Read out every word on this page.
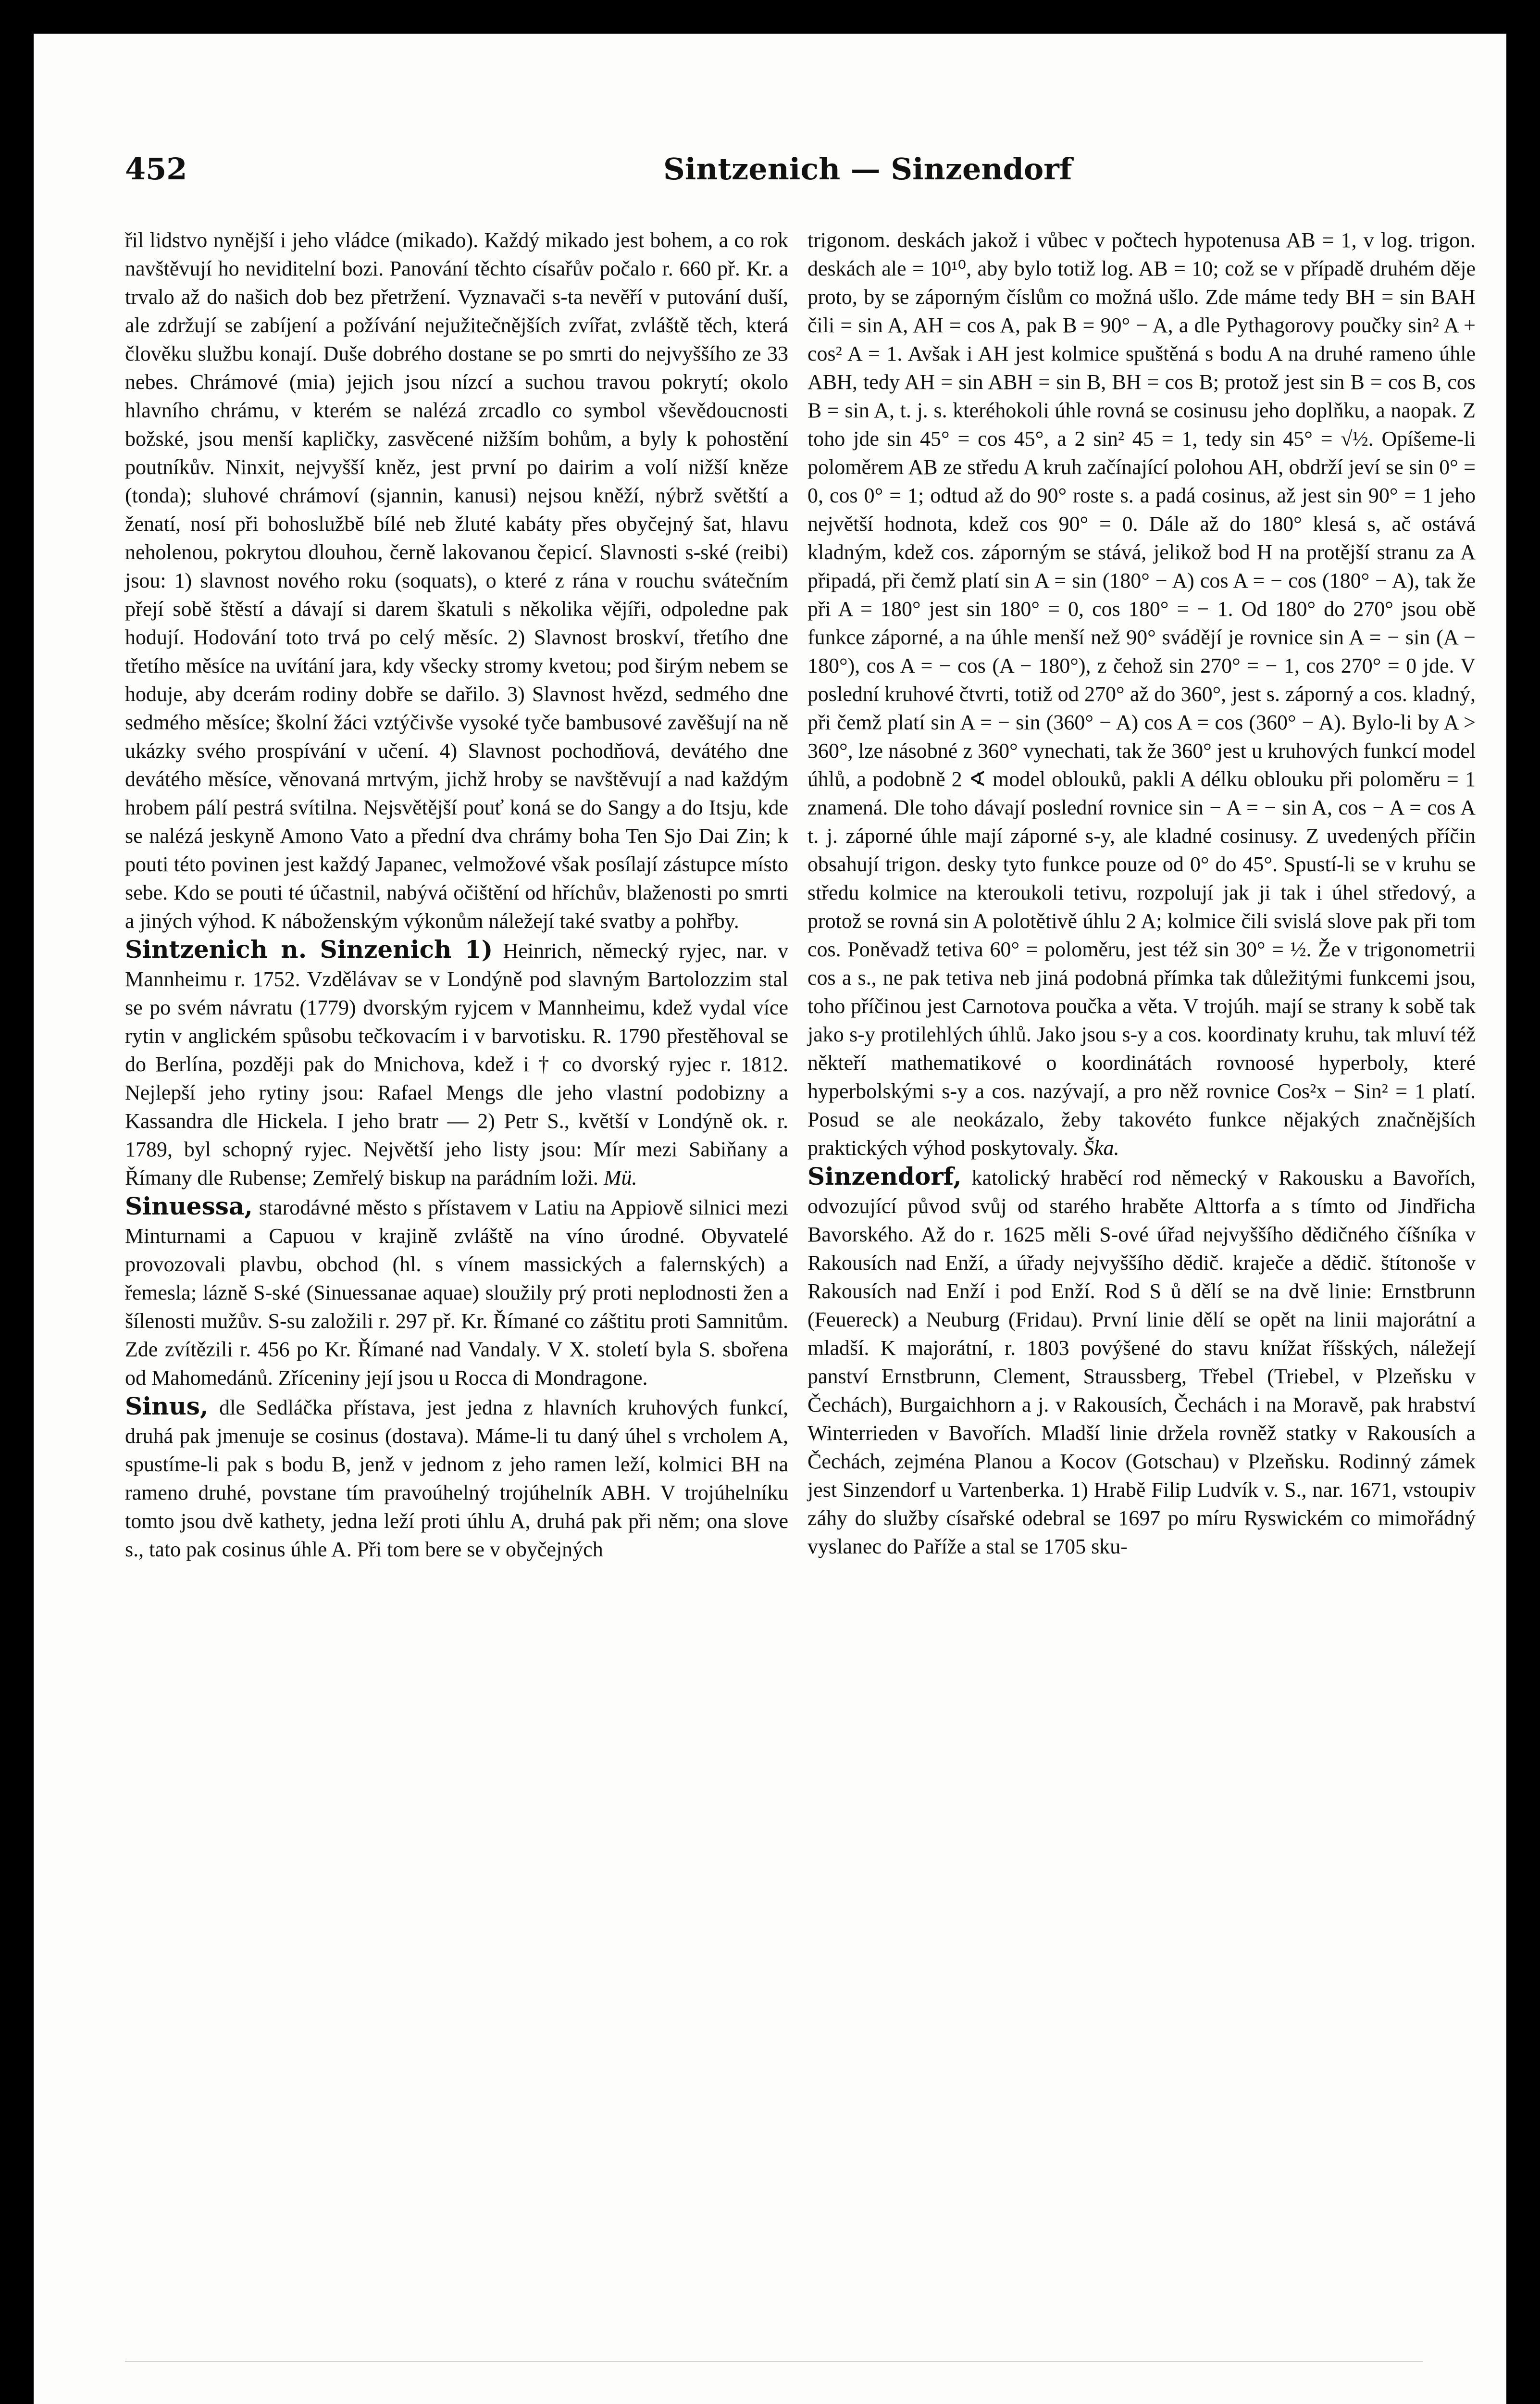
452	Sintzenich — Sinzendorf

řil lidstvo nynější i jeho vládce (mikado). Každý mikado jest bohem, a co rok navštěvují ho neviditelní bozi. Panování těchto císařův počalo r. 660 př. Kr. a trvalo až do našich dob bez přetržení. Vyznavači s-ta nevěří v putování duší, ale zdržují se zabíjení a požívání nejužitečnějších zvířat, zvláště těch, která člověku službu konají. Duše dobrého dostane se po smrti do nejvyššího ze 33 nebes. Chrámové (mia) jejich jsou nízcí a suchou travou pokrytí; okolo hlavního chrámu, v kterém se nalézá zrcadlo co symbol vševědoucnosti božské, jsou menší kapličky, zasvěcené nižším bohům, a byly k pohostění poutníkův. Ninxit, nejvyšší kněz, jest první po dairim a volí nižší kněze (tonda); sluhové chrámoví (sjannin, kanusi) nejsou kněží, nýbrž světští a ženatí, nosí při bohoslužbě bílé neb žluté kabáty přes obyčejný šat, hlavu neholenou, pokrytou dlouhou, černě lakovanou čepicí. Slavnosti s-ské (reibi) jsou: 1) slavnost nového roku (soquats), o které z rána v rouchu svátečním přejí sobě štěstí a dávají si darem škatuli s několika vějíři, odpoledne pak hodují. Hodování toto trvá po celý měsíc. 2) Slavnost broskví, třetího dne třetího měsíce na uvítání jara, kdy všecky stromy kvetou; pod širým nebem se hoduje, aby dcerám rodiny dobře se dařilo. 3) Slavnost hvězd, sedmého dne sedmého měsíce; školní žáci vztýčivše vysoké tyče bambusové zavěšují na ně ukázky svého prospívání v učení. 4) Slavnost pochodňová, devátého dne devátého měsíce, věnovaná mrtvým, jichž hroby se navštěvují a nad každým hrobem pálí pestrá svítilna. Nejsvětější pouť koná se do Sangy a do Itsju, kde se nalézá jeskyně Amono Vato a přední dva chrámy boha Ten Sjo Dai Zin; k pouti této povinen jest každý Japanec, velmožové však posílají zástupce místo sebe. Kdo se pouti té účastnil, nabývá očištění od hříchův, blaženosti po smrti a jiných výhod. K náboženským výkonům náležejí také svatby a pohřby.

Sintzenich n. Sinzenich 1) Heinrich, německý ryjec, nar. v Mannheimu r. 1752. Vzdělávav se v Londýně pod slavným Bartolozzim stal se po svém návratu (1779) dvorským ryjcem v Mannheimu, kdež vydal více rytin v anglickém spůsobu tečkovacím i v barvotisku. R. 1790 přestěhoval se do Berlína, později pak do Mnichova, kdež i † co dvorský ryjec r. 1812. Nejlepší jeho rytiny jsou: Rafael Mengs dle jeho vlastní podobizny a Kassandra dle Hickela. I jeho bratr — 2) Petr S., květší v Londýně ok. r. 1789, byl schopný ryjec. Největší jeho listy jsou: Mír mezi Sabiňany a Římany dle Rubense; Zemřelý biskup na parádním loži. Mü.

Sinuessa, starodávné město s přístavem v Latiu na Appiově silnici mezi Minturnami a Capuou v krajině zvláště na víno úrodné. Obyvatelé provozovali plavbu, obchod (hl. s vínem massických a falernských) a řemesla; lázně S-ské (Sinuessanae aquae) sloužily prý proti neplodnosti žen a šílenosti mužův. S-su založili r. 297 př. Kr. Římané co záštitu proti Samnitům. Zde zvítězili r. 456 po Kr. Římané nad Vandaly. V X. století byla S. sbořena od Mahomedánů. Zříceniny její jsou u Rocca di Mondragone.

Sinus, dle Sedláčka přístava, jest jedna z hlavních kruhových funkcí, druhá pak jmenuje se cosinus (dostava). Máme-li tu daný úhel s vrcholem A, spustíme-li pak s bodu B, jenž v jednom z jeho ramen leží, kolmici BH na rameno druhé, povstane tím pravoúhelný trojúhelník ABH. V trojúhelníku tomto jsou dvě kathety, jedna leží proti úhlu A, druhá pak při něm; ona slove s., tato pak cosinus úhle A. Při tom bere se v obyčejných

trigonom. deskách jakož i vůbec v počtech hypotenusa AB = 1, v log. trigon. deskách ale = 10¹⁰, aby bylo totiž log. AB = 10; což se v případě druhém děje proto, by se záporným číslům co možná ušlo. Zde máme tedy BH = sin BAH čili = sin A, AH = cos A, pak B = 90° − A, a dle Pythagorovy poučky sin² A + cos² A = 1. Avšak i AH jest kolmice spuštěná s bodu A na druhé rameno úhle ABH, tedy AH = sin ABH = sin B, BH = cos B; protož jest sin B = cos B, cos B = sin A, t. j. s. kteréhokoli úhle rovná se cosinusu jeho doplňku, a naopak. Z toho jde sin 45° = cos 45°, a 2 sin² 45 = 1, tedy sin 45° = √½. Opíšeme-li poloměrem AB ze středu A kruh začínající polohou AH, obdrží jeví se sin 0° = 0, cos 0° = 1; odtud až do 90° roste s. a padá cosinus, až jest sin 90° = 1 jeho největší hodnota, kdež cos 90° = 0. Dále až do 180° klesá s, ač ostává kladným, kdež cos. záporným se stává, jelikož bod H na protější stranu za A připadá, při čemž platí sin A = sin (180° − A) cos A = − cos (180° − A), tak že při A = 180° jest sin 180° = 0, cos 180° = − 1. Od 180° do 270° jsou obě funkce záporné, a na úhle menší než 90° svádějí je rovnice sin A = − sin (A − 180°), cos A = − cos (A − 180°), z čehož sin 270° = − 1, cos 270° = 0 jde. V poslední kruhové čtvrti, totiž od 270° až do 360°, jest s. záporný a cos. kladný, při čemž platí sin A = − sin (360° − A) cos A = cos (360° − A). Bylo-li by A > 360°, lze násobné z 360° vynechati, tak že 360° jest u kruhových funkcí model úhlů, a podobně 2 ∢ model oblouků, pakli A délku oblouku při poloměru = 1 znamená. Dle toho dávají poslední rovnice sin − A = − sin A, cos − A = cos A t. j. záporné úhle mají záporné s-y, ale kladné cosinusy. Z uvedených příčin obsahují trigon. desky tyto funkce pouze od 0° do 45°. Spustí-li se v kruhu se středu kolmice na kteroukoli tetivu, rozpolují jak ji tak i úhel středový, a protož se rovná sin A polotětivě úhlu 2 A; kolmice čili svislá slove pak při tom cos. Poněvadž tetiva 60° = poloměru, jest též sin 30° = ½. Že v trigonometrii cos a s., ne pak tetiva neb jiná podobná přímka tak důležitými funkcemi jsou, toho příčinou jest Carnotova poučka a věta. V trojúh. mají se strany k sobě tak jako s-y protilehlých úhlů. Jako jsou s-y a cos. koordinaty kruhu, tak mluví též někteří mathematikové o koordinátách rovnoosé hyperboly, které hyperbolskými s-y a cos. nazývají, a pro něž rovnice Cos²x − Sin² = 1 platí. Posud se ale neokázalo, žeby takovéto funkce nějakých značnějších praktických výhod poskytovaly. Ška.

Sinzendorf, katolický hraběcí rod německý v Rakousku a Bavořích, odvozující původ svůj od starého hraběte Alttorfa a s tímto od Jindřicha Bavorského. Až do r. 1625 měli S-ové úřad nejvyššího dědičného číšníka v Rakousích nad Enží, a úřady nejvyššího dědič. kraječe a dědič. štítonoše v Rakousích nad Enží i pod Enží. Rod S ů dělí se na dvě linie: Ernstbrunn (Feuereck) a Neuburg (Fridau). První linie dělí se opět na linii majorátní a mladší. K majorátní, r. 1803 povýšené do stavu knížat říšských, náležejí panství Ernstbrunn, Clement, Straussberg, Třebel (Triebel, v Plzeňsku v Čechách), Burgaichhorn a j. v Rakousích, Čechách i na Moravě, pak hrabství Winterrieden v Bavořích. Mladší linie držela rovněž statky v Rakousích a Čechách, zejména Planou a Kocov (Gotschau) v Plzeňsku. Rodinný zámek jest Sinzendorf u Vartenberka. 1) Hrabě Filip Ludvík v. S., nar. 1671, vstoupiv záhy do služby císařské odebral se 1697 po míru Ryswickém co mimořádný vyslanec do Paříže a stal se 1705 sku-
